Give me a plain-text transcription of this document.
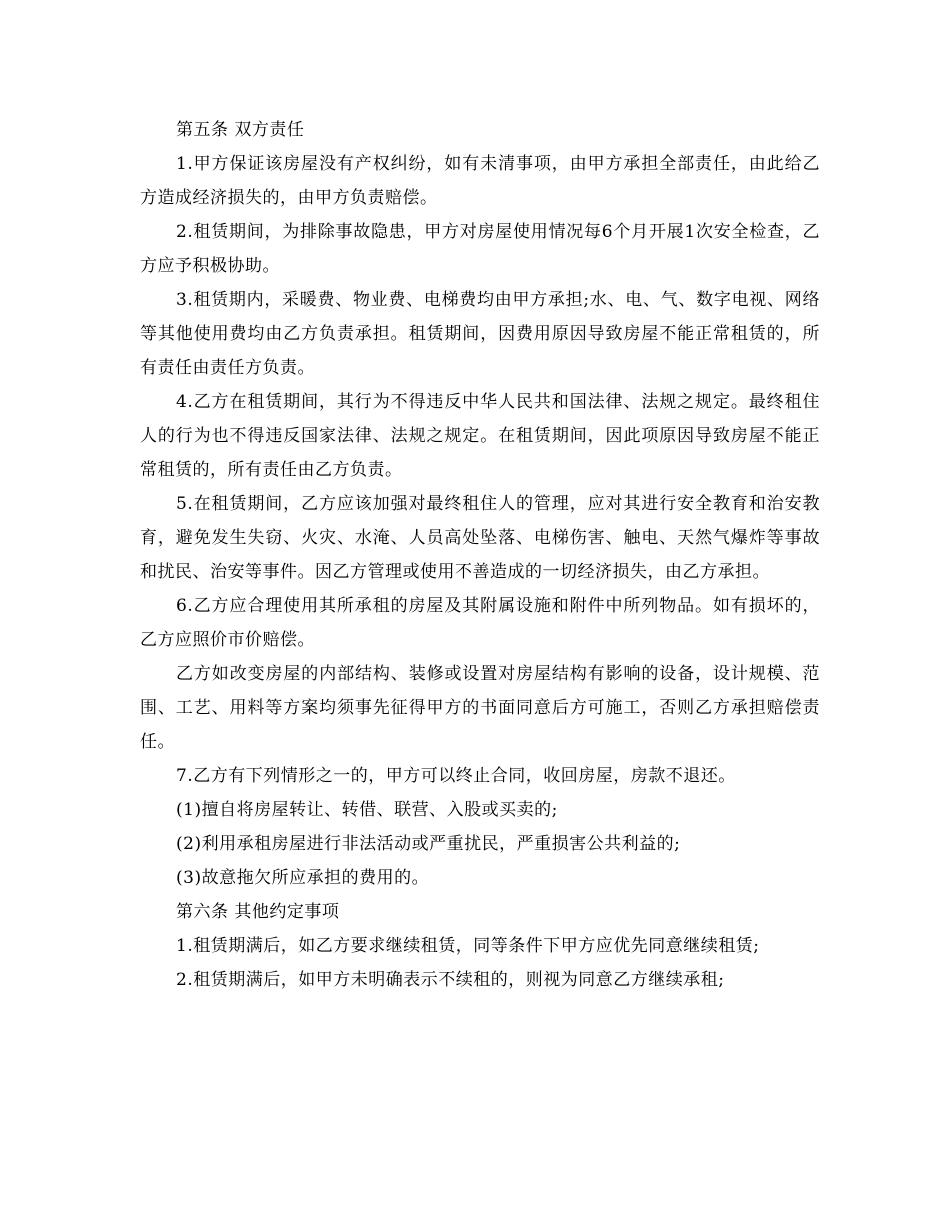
第五条 双方责任

1.甲方保证该房屋没有产权纠纷，如有未清事项，由甲方承担全部责任，由此给乙方造成经济损失的，由甲方负责赔偿。

2.租赁期间，为排除事故隐患，甲方对房屋使用情况每6个月开展1次安全检查，乙方应予积极协助。

3.租赁期内，采暖费、物业费、电梯费均由甲方承担;水、电、气、数字电视、网络等其他使用费均由乙方负责承担。租赁期间，因费用原因导致房屋不能正常租赁的，所有责任由责任方负责。

4.乙方在租赁期间，其行为不得违反中华人民共和国法律、法规之规定。最终租住人的行为也不得违反国家法律、法规之规定。在租赁期间，因此项原因导致房屋不能正常租赁的，所有责任由乙方负责。

5.在租赁期间，乙方应该加强对最终租住人的管理，应对其进行安全教育和治安教育，避免发生失窃、火灾、水淹、人员高处坠落、电梯伤害、触电、天然气爆炸等事故和扰民、治安等事件。因乙方管理或使用不善造成的一切经济损失，由乙方承担。

6.乙方应合理使用其所承租的房屋及其附属设施和附件中所列物品。如有损坏的，乙方应照价市价赔偿。

乙方如改变房屋的内部结构、装修或设置对房屋结构有影响的设备，设计规模、范围、工艺、用料等方案均须事先征得甲方的书面同意后方可施工，否则乙方承担赔偿责任。

7.乙方有下列情形之一的，甲方可以终止合同，收回房屋，房款不退还。

(1)擅自将房屋转让、转借、联营、入股或买卖的;

(2)利用承租房屋进行非法活动或严重扰民，严重损害公共利益的;

(3)故意拖欠所应承担的费用的。

第六条 其他约定事项

1.租赁期满后，如乙方要求继续租赁，同等条件下甲方应优先同意继续租赁;

2.租赁期满后，如甲方未明确表示不续租的，则视为同意乙方继续承租;
